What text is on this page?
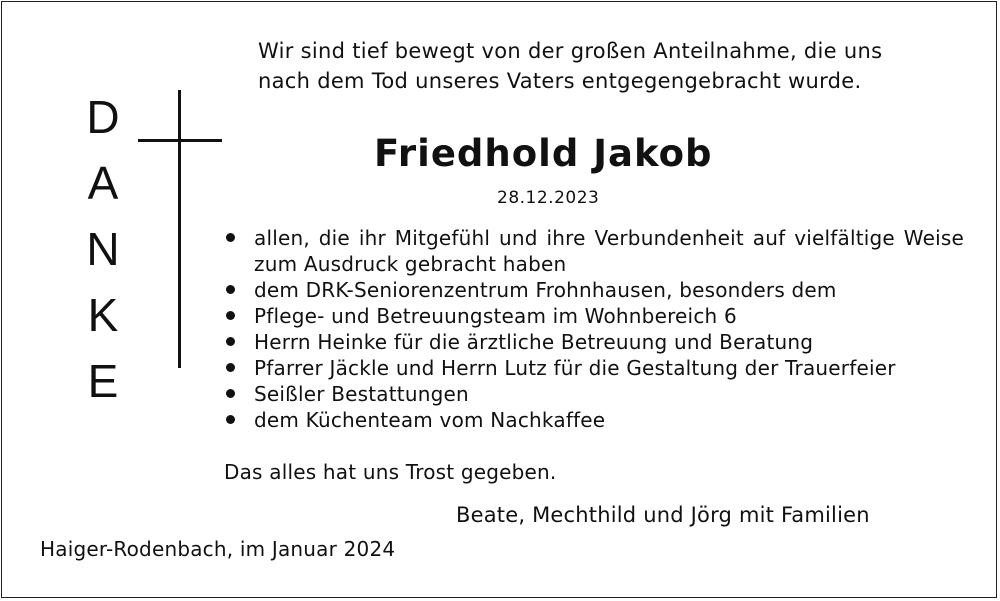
Wir sind tief bewegt von der großen Anteilnahme, die uns
nach dem Tod unseres Vaters entgegengebracht wurde.
D
A
N
K
E
Friedhold Jakob
28.12.2023
allen, die ihr Mitgefühl und ihre Verbundenheit auf vielfältige Weise zum Ausdruck gebracht haben
dem DRK-Seniorenzentrum Frohnhausen, besonders dem
Pflege- und Betreuungsteam im Wohnbereich 6
Herrn Heinke für die ärztliche Betreuung und Beratung
Pfarrer Jäckle und Herrn Lutz für die Gestaltung der Trauerfeier
Seißler Bestattungen
dem Küchenteam vom Nachkaffee
Das alles hat uns Trost gegeben.
Beate, Mechthild und Jörg mit Familien
Haiger-Rodenbach, im Januar 2024
